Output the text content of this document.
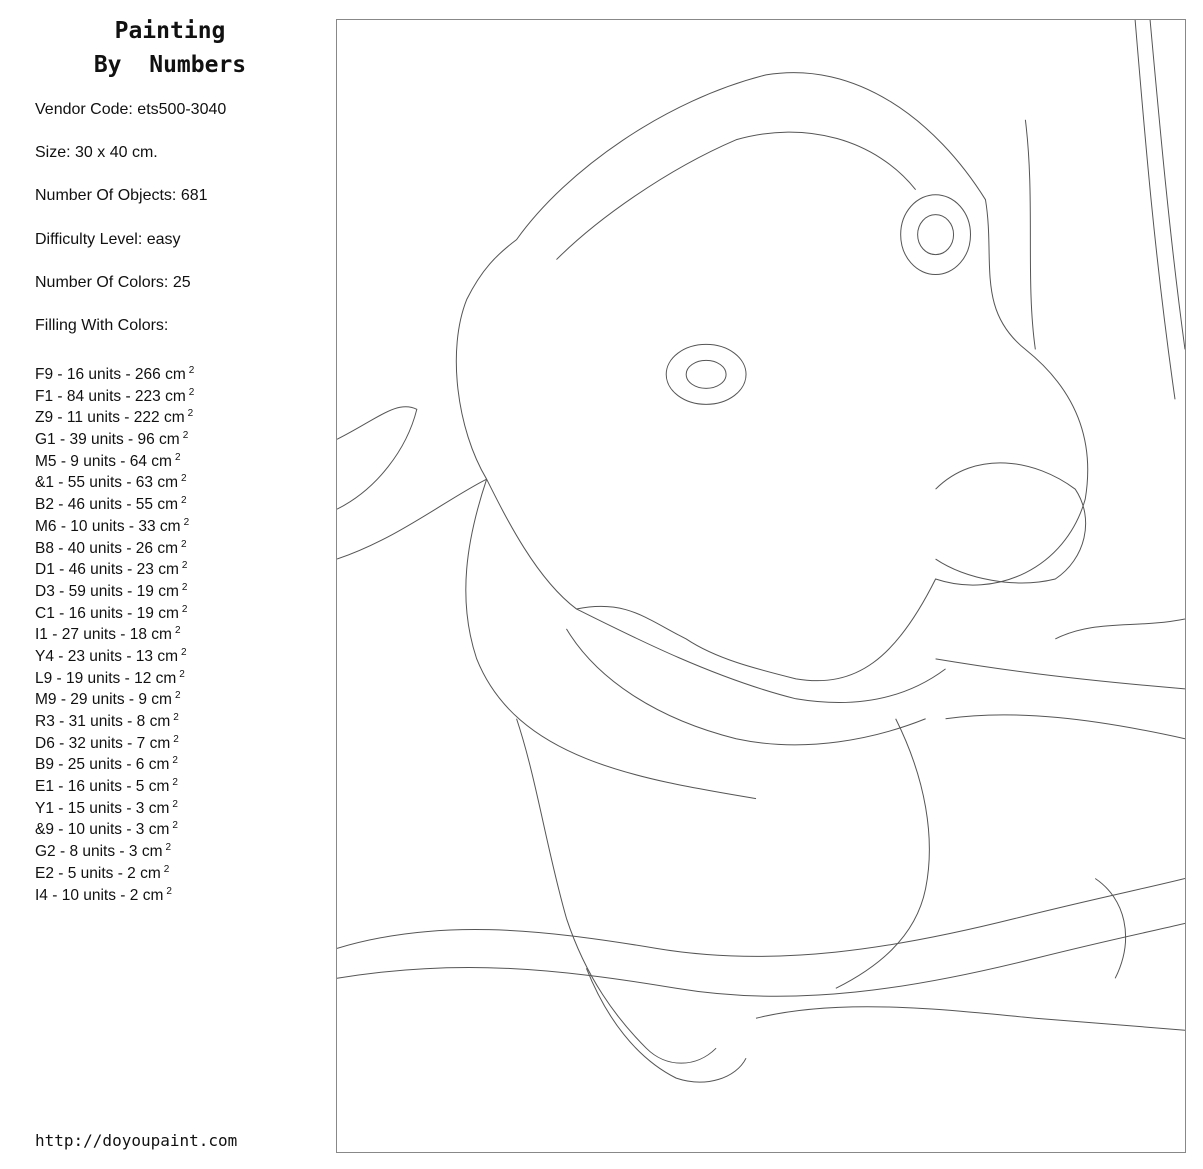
Painting
By  Numbers
Vendor Code: ets500-3040
Size: 30 x 40 cm.
Number Of Objects: 681
Difficulty Level: easy
Number Of Colors: 25
Filling With Colors:
F9 - 16 units - 266 cm $^2$
F1 - 84 units - 223 cm $^2$
Z9 - 11 units - 222 cm $^2$
G1 - 39 units - 96 cm $^2$
M5 - 9 units - 64 cm $^2$
&1 - 55 units - 63 cm $^2$
B2 - 46 units - 55 cm $^2$
M6 - 10 units - 33 cm $^2$
B8 - 40 units - 26 cm $^2$
D1 - 46 units - 23 cm $^2$
D3 - 59 units - 19 cm $^2$
C1 - 16 units - 19 cm $^2$
I1 - 27 units - 18 cm $^2$
Y4 - 23 units - 13 cm $^2$
L9 - 19 units - 12 cm $^2$
M9 - 29 units - 9 cm $^2$
R3 - 31 units - 8 cm $^2$
D6 - 32 units - 7 cm $^2$
B9 - 25 units - 6 cm $^2$
E1 - 16 units - 5 cm $^2$
Y1 - 15 units - 3 cm $^2$
&9 - 10 units - 3 cm $^2$
G2 - 8 units - 3 cm $^2$
E2 - 5 units - 2 cm $^2$
I4 - 10 units - 2 cm $^2$
http://doyoupaint.com
